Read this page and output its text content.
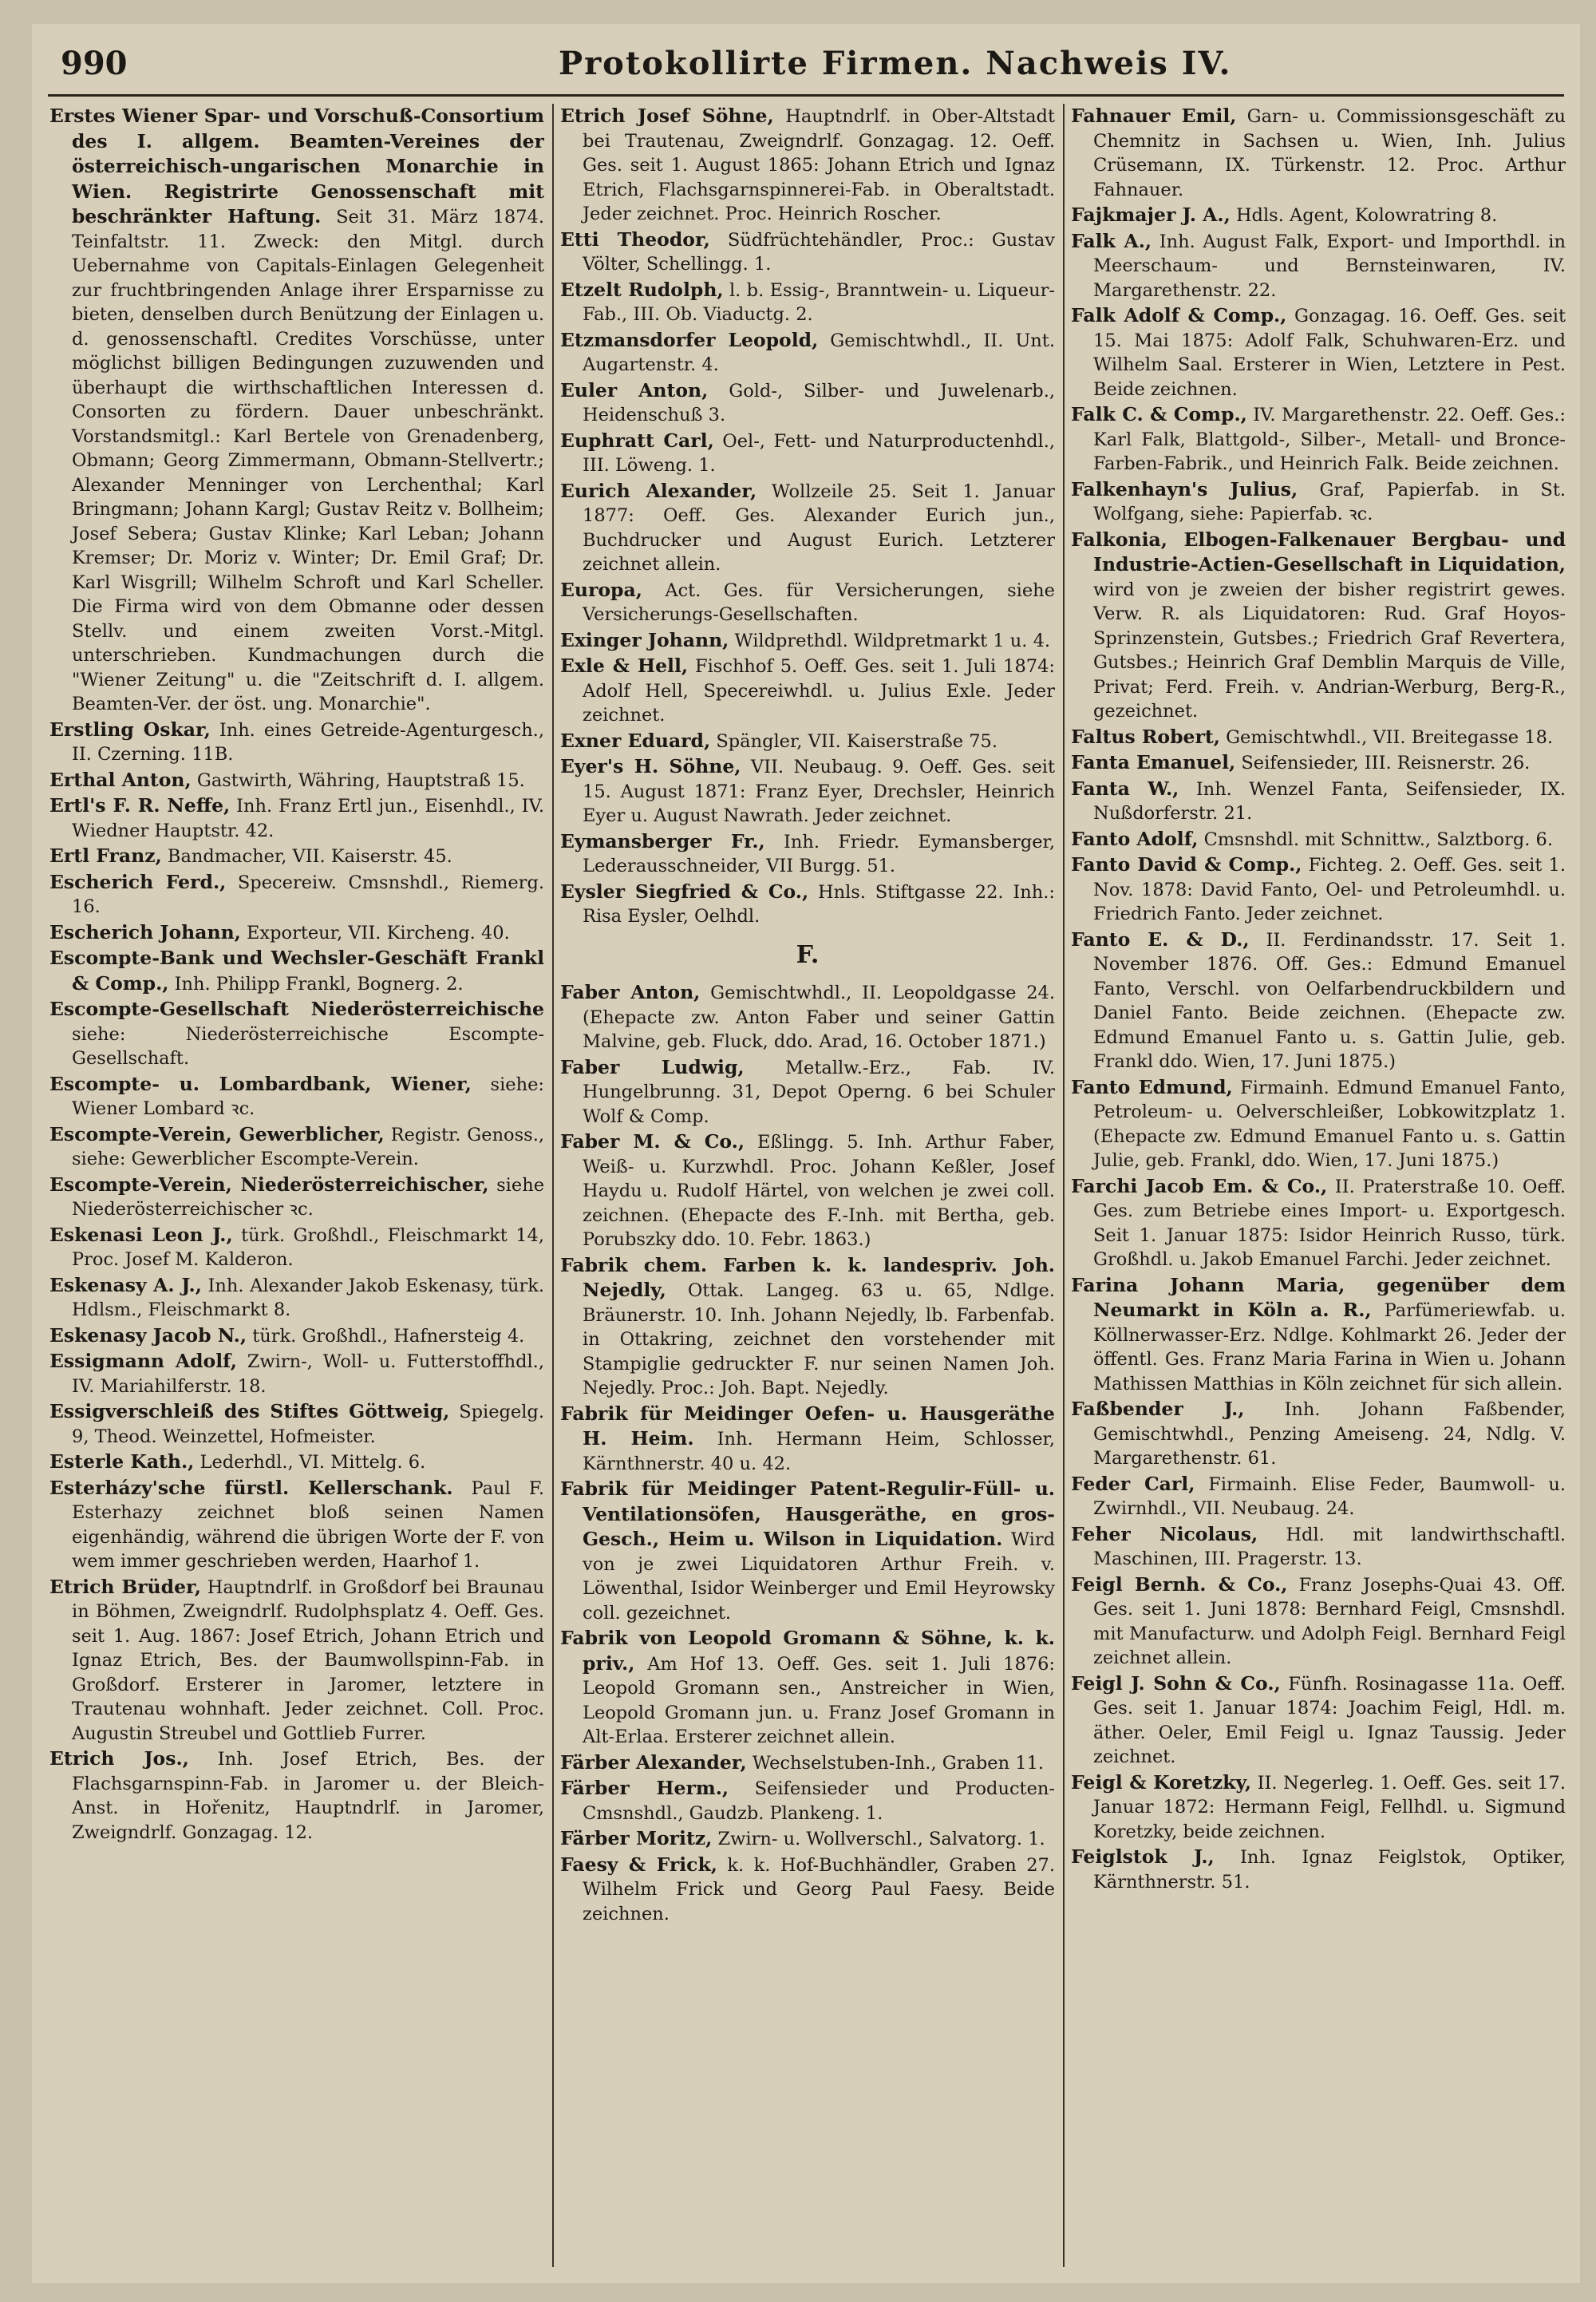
990	Protokollirte Firmen. Nachweis IV.
Erstes Wiener Spar- und Vorschuß-Consortium des I. allgem. Beamten-Vereines der österreichisch-ungarischen Monarchie in Wien. Registrirte Genossenschaft mit beschränkter Haftung. Seit 31. März 1874. Teinfaltstr. 11. Zweck: den Mitgl. durch Uebernahme von Capitals-Einlagen Gelegenheit zur fruchtbringenden Anlage ihrer Ersparnisse zu bieten, denselben durch Benützung der Einlagen u. d. genossenschaftl. Credites Vorschüsse, unter möglichst billigen Bedingungen zuzuwenden und überhaupt die wirthschaftlichen Interessen d. Consorten zu fördern. Dauer unbeschränkt. Vorstandsmitgl.: Karl Bertele von Grenadenberg, Obmann; Georg Zimmermann, Obmann-Stellvertr.; Alexander Menninger von Lerchenthal; Karl Bringmann; Johann Kargl; Gustav Reitz v. Bollheim; Josef Sebera; Gustav Klinke; Karl Leban; Johann Kremser; Dr. Moriz v. Winter; Dr. Emil Graf; Dr. Karl Wisgrill; Wilhelm Schroft und Karl Scheller. Die Firma wird von dem Obmanne oder dessen Stellv. und einem zweiten Vorst.-Mitgl. unterschrieben. Kundmachungen durch die "Wiener Zeitung" u. die "Zeitschrift d. I. allgem. Beamten-Ver. der öst. ung. Monarchie".
Erstling Oskar, Inh. eines Getreide-Agenturgesch., II. Czerning. 11B.
Erthal Anton, Gastwirth, Währing, Hauptstraß 15.
Ertl's F. R. Neffe, Inh. Franz Ertl jun., Eisenhdl., IV. Wiedner Hauptstr. 42.
Ertl Franz, Bandmacher, VII. Kaiserstr. 45.
Escherich Ferd., Specereiw. Cmsnshdl., Riemerg. 16.
Escherich Johann, Exporteur, VII. Kircheng. 40.
Escompte-Bank und Wechsler-Geschäft Frankl & Comp., Inh. Philipp Frankl, Bognerg. 2.
Escompte-Gesellschaft Niederösterreichische siehe: Niederösterreichische Escompte-Gesellschaft.
Escompte- u. Lombardbank, Wiener, siehe: Wiener Lombard ꝛc.
Escompte-Verein, Gewerblicher, Registr. Genoss., siehe: Gewerblicher Escompte-Verein.
Escompte-Verein, Niederösterreichischer, siehe Niederösterreichischer ꝛc.
Eskenasi Leon J., türk. Großhdl., Fleischmarkt 14, Proc. Josef M. Kalderon.
Eskenasy A. J., Inh. Alexander Jakob Eskenasy, türk. Hdlsm., Fleischmarkt 8.
Eskenasy Jacob N., türk. Großhdl., Hafnersteig 4.
Essigmann Adolf, Zwirn-, Woll- u. Futterstoffhdl., IV. Mariahilferstr. 18.
Essigverschleiß des Stiftes Göttweig, Spiegelg. 9, Theod. Weinzettel, Hofmeister.
Esterle Kath., Lederhdl., VI. Mittelg. 6.
Esterházy'sche fürstl. Kellerschank. Paul F. Esterhazy zeichnet bloß seinen Namen eigenhändig, während die übrigen Worte der F. von wem immer geschrieben werden, Haarhof 1.
Etrich Brüder, Hauptndrlf. in Großdorf bei Braunau in Böhmen, Zweigndrlf. Rudolphsplatz 4. Oeff. Ges. seit 1. Aug. 1867: Josef Etrich, Johann Etrich und Ignaz Etrich, Bes. der Baumwollspinn-Fab. in Großdorf. Ersterer in Jaromer, letztere in Trautenau wohnhaft. Jeder zeichnet. Coll. Proc. Augustin Streubel und Gottlieb Furrer.
Etrich Jos., Inh. Josef Etrich, Bes. der Flachsgarnspinn-Fab. in Jaromer u. der Bleich-Anst. in Hořenitz, Hauptndrlf. in Jaromer, Zweigndrlf. Gonzagag. 12.
Etrich Josef Söhne, Hauptndrlf. in Ober-Altstadt bei Trautenau, Zweigndrlf. Gonzagag. 12. Oeff. Ges. seit 1. August 1865: Johann Etrich und Ignaz Etrich, Flachsgarnspinnerei-Fab. in Oberaltstadt. Jeder zeichnet. Proc. Heinrich Roscher.
Etti Theodor, Südfrüchtehändler, Proc.: Gustav Völter, Schellingg. 1.
Etzelt Rudolph, l. b. Essig-, Branntwein- u. Liqueur-Fab., III. Ob. Viaductg. 2.
Etzmansdorfer Leopold, Gemischtwhdl., II. Unt. Augartenstr. 4.
Euler Anton, Gold-, Silber- und Juwelenarb., Heidenschuß 3.
Euphratt Carl, Oel-, Fett- und Naturproductenhdl., III. Löweng. 1.
Eurich Alexander, Wollzeile 25. Seit 1. Januar 1877: Oeff. Ges. Alexander Eurich jun., Buchdrucker und August Eurich. Letzterer zeichnet allein.
Europa, Act. Ges. für Versicherungen, siehe Versicherungs-Gesellschaften.
Exinger Johann, Wildprethdl. Wildpretmarkt 1 u. 4.
Exle & Hell, Fischhof 5. Oeff. Ges. seit 1. Juli 1874: Adolf Hell, Specereiwhdl. u. Julius Exle. Jeder zeichnet.
Exner Eduard, Spängler, VII. Kaiserstraße 75.
Eyer's H. Söhne, VII. Neubaug. 9. Oeff. Ges. seit 15. August 1871: Franz Eyer, Drechsler, Heinrich Eyer u. August Nawrath. Jeder zeichnet.
Eymansberger Fr., Inh. Friedr. Eymansberger, Lederausschneider, VII Burgg. 51.
Eysler Siegfried & Co., Hnls. Stiftgasse 22. Inh.: Risa Eysler, Oelhdl.
F.
Faber Anton, Gemischtwhdl., II. Leopoldgasse 24. (Ehepacte zw. Anton Faber und seiner Gattin Malvine, geb. Fluck, ddo. Arad, 16. October 1871.)
Faber Ludwig, Metallw.-Erz., Fab. IV. Hungelbrunng. 31, Depot Operng. 6 bei Schuler Wolf & Comp.
Faber M. & Co., Eßlingg. 5. Inh. Arthur Faber, Weiß- u. Kurzwhdl. Proc. Johann Keßler, Josef Haydu u. Rudolf Härtel, von welchen je zwei coll. zeichnen. (Ehepacte des F.-Inh. mit Bertha, geb. Porubszky ddo. 10. Febr. 1863.)
Fabrik chem. Farben k. k. landespriv. Joh. Nejedly, Ottak. Langeg. 63 u. 65, Ndlge. Bräunerstr. 10. Inh. Johann Nejedly, lb. Farbenfab. in Ottakring, zeichnet den vorstehender mit Stampiglie gedruckter F. nur seinen Namen Joh. Nejedly. Proc.: Joh. Bapt. Nejedly.
Fabrik für Meidinger Oefen- u. Hausgeräthe H. Heim. Inh. Hermann Heim, Schlosser, Kärnthnerstr. 40 u. 42.
Fabrik für Meidinger Patent-Regulir-Füll- u. Ventilationsöfen, Hausgeräthe, en gros-Gesch., Heim u. Wilson in Liquidation. Wird von je zwei Liquidatoren Arthur Freih. v. Löwenthal, Isidor Weinberger und Emil Heyrowsky coll. gezeichnet.
Fabrik von Leopold Gromann & Söhne, k. k. priv., Am Hof 13. Oeff. Ges. seit 1. Juli 1876: Leopold Gromann sen., Anstreicher in Wien, Leopold Gromann jun. u. Franz Josef Gromann in Alt-Erlaa. Ersterer zeichnet allein.
Färber Alexander, Wechselstuben-Inh., Graben 11.
Färber Herm., Seifensieder und Producten-Cmsnshdl., Gaudzb. Plankeng. 1.
Färber Moritz, Zwirn- u. Wollverschl., Salvatorg. 1.
Faesy & Frick, k. k. Hof-Buchhändler, Graben 27. Wilhelm Frick und Georg Paul Faesy. Beide zeichnen.
Fahnauer Emil, Garn- u. Commissionsgeschäft zu Chemnitz in Sachsen u. Wien, Inh. Julius Crüsemann, IX. Türkenstr. 12. Proc. Arthur Fahnauer.
Fajkmajer J. A., Hdls. Agent, Kolowratring 8.
Falk A., Inh. August Falk, Export- und Importhdl. in Meerschaum- und Bernsteinwaren, IV. Margarethenstr. 22.
Falk Adolf & Comp., Gonzagag. 16. Oeff. Ges. seit 15. Mai 1875: Adolf Falk, Schuhwaren-Erz. und Wilhelm Saal. Ersterer in Wien, Letztere in Pest. Beide zeichnen.
Falk C. & Comp., IV. Margarethenstr. 22. Oeff. Ges.: Karl Falk, Blattgold-, Silber-, Metall- und Bronce-Farben-Fabrik., und Heinrich Falk. Beide zeichnen.
Falkenhayn's Julius, Graf, Papierfab. in St. Wolfgang, siehe: Papierfab. ꝛc.
Falkonia, Elbogen-Falkenauer Bergbau- und Industrie-Actien-Gesellschaft in Liquidation, wird von je zweien der bisher registrirt gewes. Verw. R. als Liquidatoren: Rud. Graf Hoyos-Sprinzenstein, Gutsbes.; Friedrich Graf Revertera, Gutsbes.; Heinrich Graf Demblin Marquis de Ville, Privat; Ferd. Freih. v. Andrian-Werburg, Berg-R., gezeichnet.
Faltus Robert, Gemischtwhdl., VII. Breitegasse 18.
Fanta Emanuel, Seifensieder, III. Reisnerstr. 26.
Fanta W., Inh. Wenzel Fanta, Seifensieder, IX. Nußdorferstr. 21.
Fanto Adolf, Cmsnshdl. mit Schnittw., Salztborg. 6.
Fanto David & Comp., Fichteg. 2. Oeff. Ges. seit 1. Nov. 1878: David Fanto, Oel- und Petroleumhdl. u. Friedrich Fanto. Jeder zeichnet.
Fanto E. & D., II. Ferdinandsstr. 17. Seit 1. November 1876. Off. Ges.: Edmund Emanuel Fanto, Verschl. von Oelfarbendruckbildern und Daniel Fanto. Beide zeichnen. (Ehepacte zw. Edmund Emanuel Fanto u. s. Gattin Julie, geb. Frankl ddo. Wien, 17. Juni 1875.)
Fanto Edmund, Firmainh. Edmund Emanuel Fanto, Petroleum- u. Oelverschleißer, Lobkowitzplatz 1. (Ehepacte zw. Edmund Emanuel Fanto u. s. Gattin Julie, geb. Frankl, ddo. Wien, 17. Juni 1875.)
Farchi Jacob Em. & Co., II. Praterstraße 10. Oeff. Ges. zum Betriebe eines Import- u. Exportgesch. Seit 1. Januar 1875: Isidor Heinrich Russo, türk. Großhdl. u. Jakob Emanuel Farchi. Jeder zeichnet.
Farina Johann Maria, gegenüber dem Neumarkt in Köln a. R., Parfümeriewfab. u. Köllnerwasser-Erz. Ndlge. Kohlmarkt 26. Jeder der öffentl. Ges. Franz Maria Farina in Wien u. Johann Mathissen Matthias in Köln zeichnet für sich allein.
Faßbender J., Inh. Johann Faßbender, Gemischtwhdl., Penzing Ameiseng. 24, Ndlg. V. Margarethenstr. 61.
Feder Carl, Firmainh. Elise Feder, Baumwoll- u. Zwirnhdl., VII. Neubaug. 24.
Feher Nicolaus, Hdl. mit landwirthschaftl. Maschinen, III. Pragerstr. 13.
Feigl Bernh. & Co., Franz Josephs-Quai 43. Off. Ges. seit 1. Juni 1878: Bernhard Feigl, Cmsnshdl. mit Manufacturw. und Adolph Feigl. Bernhard Feigl zeichnet allein.
Feigl J. Sohn & Co., Fünfh. Rosinagasse 11a. Oeff. Ges. seit 1. Januar 1874: Joachim Feigl, Hdl. m. äther. Oeler, Emil Feigl u. Ignaz Taussig. Jeder zeichnet.
Feigl & Koretzky, II. Negerleg. 1. Oeff. Ges. seit 17. Januar 1872: Hermann Feigl, Fellhdl. u. Sigmund Koretzky, beide zeichnen.
Feiglstok J., Inh. Ignaz Feiglstok, Optiker, Kärnthnerstr. 51.
